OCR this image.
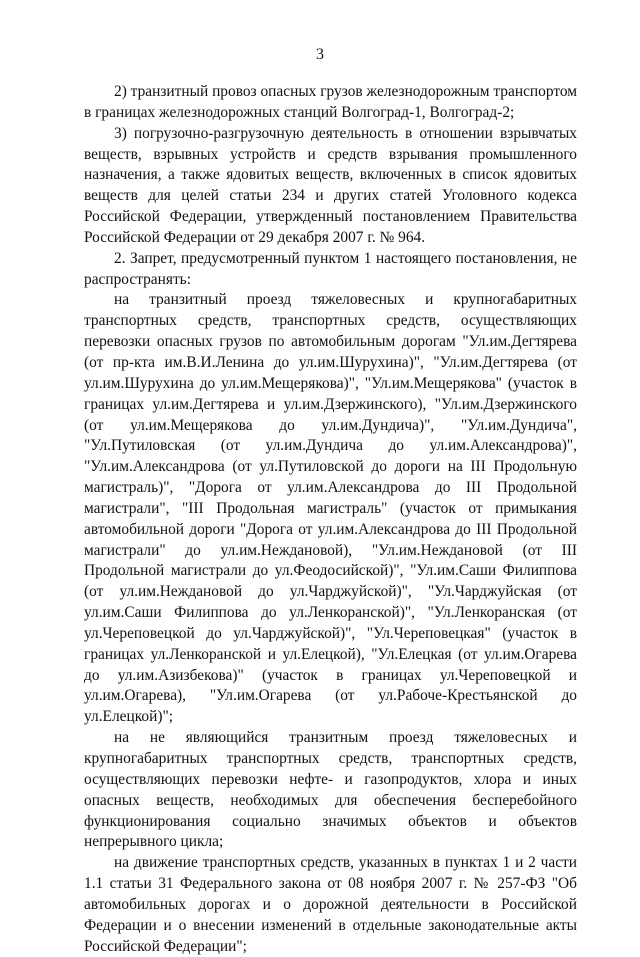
3

2) транзитный провоз опасных грузов железнодорожным транспортом в границах железнодорожных станций Волгоград-1, Волгоград-2;

3) погрузочно-разгрузочную деятельность в отношении взрывчатых веществ, взрывных устройств и средств взрывания промышленного назначения, а также ядовитых веществ, включенных в список ядовитых веществ для целей статьи 234 и других статей Уголовного кодекса Российской Федерации, утвержденный постановлением Правительства Российской Федерации от 29 декабря 2007 г. № 964.

2. Запрет, предусмотренный пунктом 1 настоящего постановления, не распространять:

на транзитный проезд тяжеловесных и крупногабаритных транспортных средств, транспортных средств, осуществляющих перевозки опасных грузов по автомобильным дорогам "Ул.им.Дегтярева (от пр-кта им.В.И.Ленина до ул.им.Шурухина)", "Ул.им.Дегтярева (от ул.им.Шурухина до ул.им.Мещерякова)", "Ул.им.Мещерякова" (участок в границах ул.им.Дегтярева и ул.им.Дзержинского), "Ул.им.Дзержинского (от ул.им.Мещерякова до ул.им.Дундича)", "Ул.им.Дундича", "Ул.Путиловская (от ул.им.Дундича до ул.им.Александрова)", "Ул.им.Александрова (от ул.Путиловской до дороги на III Продольную магистраль)", "Дорога от ул.им.Александрова до III Продольной магистрали", "III Продольная магистраль" (участок от примыкания автомобильной дороги "Дорога от ул.им.Александрова до III Продольной магистрали" до ул.им.Неждановой), "Ул.им.Неждановой (от III Продольной магистрали до ул.Феодосийской)", "Ул.им.Саши Филиппова (от ул.им.Неждановой до ул.Чарджуйской)", "Ул.Чарджуйская (от ул.им.Саши Филиппова до ул.Ленкоранской)", "Ул.Ленкоранская (от ул.Череповецкой до ул.Чарджуйской)", "Ул.Череповецкая" (участок в границах ул.Ленкоранской и ул.Елецкой), "Ул.Елецкая (от ул.им.Огарева до ул.им.Азизбекова)" (участок в границах ул.Череповецкой и ул.им.Огарева), "Ул.им.Огарева (от ул.Рабоче-Крестьянской до ул.Елецкой)";

на не являющийся транзитным проезд тяжеловесных и крупногабаритных транспортных средств, транспортных средств, осуществляющих перевозки нефте- и газопродуктов, хлора и иных опасных веществ, необходимых для обеспечения бесперебойного функционирования социально значимых объектов и объектов непрерывного цикла;

на движение транспортных средств, указанных в пунктах 1 и 2 части 1.1 статьи 31 Федерального закона от 08 ноября 2007 г. № 257-ФЗ "Об автомобильных дорогах и о дорожной деятельности в Российской Федерации и о внесении изменений в отдельные законодательные акты Российской Федерации";
